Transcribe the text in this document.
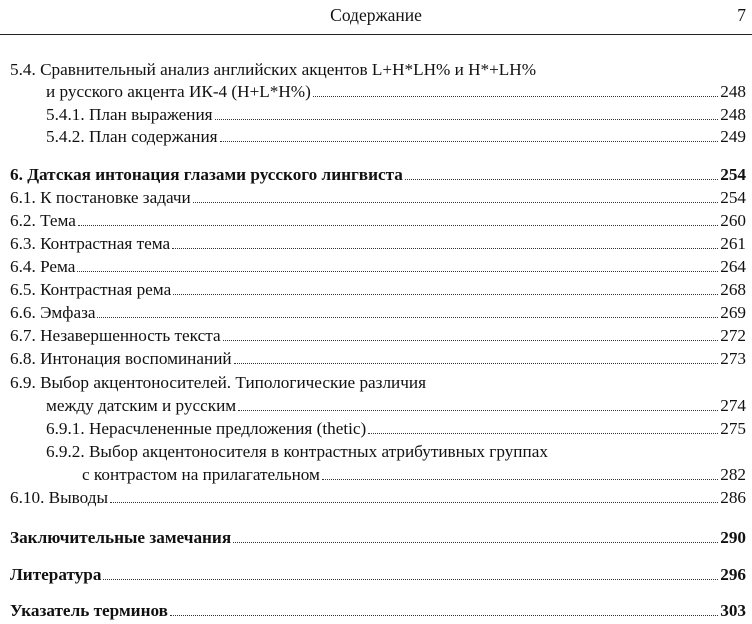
Содержание	7
5.4. Сравнительный анализ английских акцентов L+H*LH% и H*+LH%
и русского акцента ИК-4 (H+L*H%)	248
5.4.1. План выражения	248
5.4.2. План содержания	249
6. Датская интонация глазами русского лингвиста	254
6.1. К постановке задачи	254
6.2. Тема	260
6.3. Контрастная тема	261
6.4. Рема	264
6.5. Контрастная рема	268
6.6. Эмфаза	269
6.7. Незавершенность текста	272
6.8. Интонация воспоминаний	273
6.9. Выбор акцентоносителей. Типологические различия
между датским и русским	274
6.9.1. Нерасчлененные предложения (thetic)	275
6.9.2. Выбор акцентоносителя в контрастных атрибутивных группах
с контрастом на прилагательном	282
6.10. Выводы	286
Заключительные замечания	290
Литература	296
Указатель терминов	303
